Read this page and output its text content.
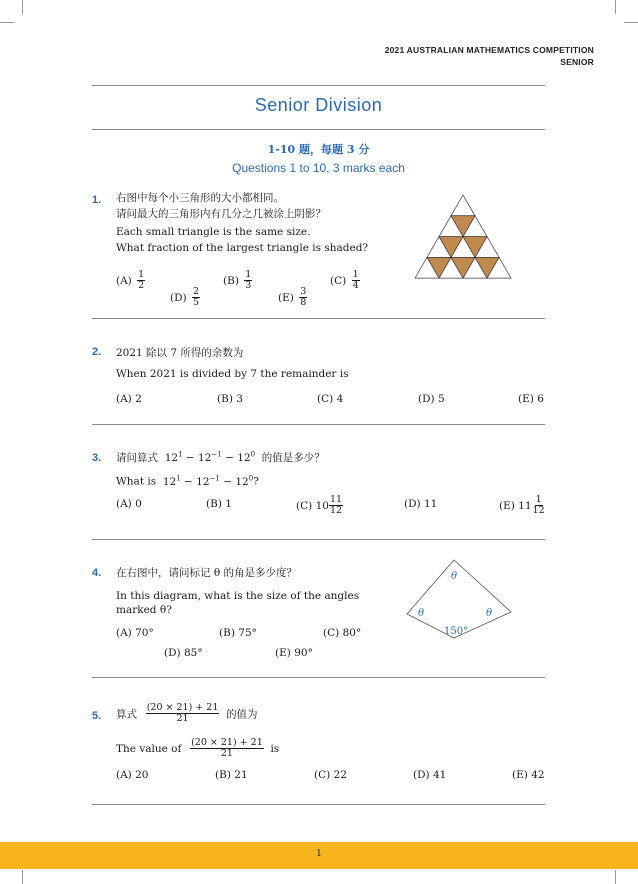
2021 AUSTRALIAN MATHEMATICS COMPETITION
SENIOR
Senior Division
1-10 题，每题 3 分
Questions 1 to 10, 3 marks each
1. 右图中每个小三角形的大小都相同。
请问最大的三角形内有几分之几被涂上阴影？
Each small triangle is the same size.
What fraction of the largest triangle is shaded?
$(A) \frac{1}{2}$	$(B) \frac{1}{3}$	$(C) \frac{1}{4}$
$(D) \frac{2}{5}$	$(E) \frac{3}{8}$
2. 2021 除以 7 所得的余数为
When 2021 is divided by 7 the remainder is
(A) 2	(B) 3	(C) 4	(D) 5	(E) 6
3. 请问算式 $12^1 - 12^{-1} - 12^0$ 的值是多少？
What is $12^1 - 12^{-1} - 12^0$?
(A) 0	(B) 1	(C) $10 \frac{11}{12}$	(D) 11	(E) $11 \frac{1}{12}$
4. 在右图中，请问标记 θ 的角是多少度？
In this diagram, what is the size of the angles
marked θ?
(A) 70°	(B) 75°	(C) 80°
(D) 85°	(E) 90°
θ
θ	θ
150°
5. 算式 $\frac{(20 \times 21) + 21}{21}$ 的值为
The value of $\frac{(20 \times 21) + 21}{21}$ is
(A) 20	(B) 21	(C) 22	(D) 41	(E) 42
1
